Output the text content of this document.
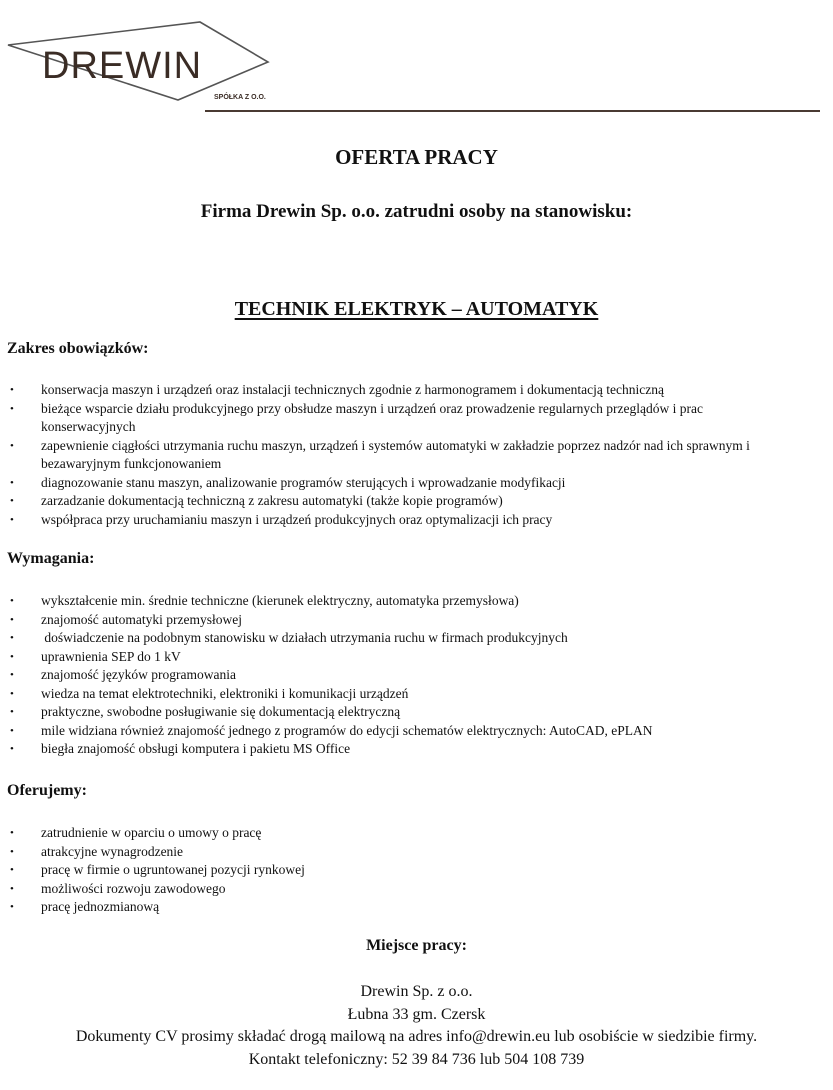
DREWIN
SPÓŁKA Z O.O.
OFERTA PRACY
Firma Drewin Sp. o.o. zatrudni osoby na stanowisku:
TECHNIK ELEKTRYK – AUTOMATYK
Zakres obowiązków:
• konserwacja maszyn i urządzeń oraz instalacji technicznych zgodnie z harmonogramem i dokumentacją techniczną
• bieżące wsparcie działu produkcyjnego przy obsłudze maszyn i urządzeń oraz prowadzenie regularnych przeglądów i prac konserwacyjnych
• zapewnienie ciągłości utrzymania ruchu maszyn, urządzeń i systemów automatyki w zakładzie poprzez nadzór nad ich sprawnym i bezawaryjnym funkcjonowaniem
• diagnozowanie stanu maszyn, analizowanie programów sterujących i wprowadzanie modyfikacji
• zarzadzanie dokumentacją techniczną z zakresu automatyki (także kopie programów)
• współpraca przy uruchamianiu maszyn i urządzeń produkcyjnych oraz optymalizacji ich pracy
Wymagania:
• wykształcenie min. średnie techniczne (kierunek elektryczny, automatyka przemysłowa)
• znajomość automatyki przemysłowej
• doświadczenie na podobnym stanowisku w działach utrzymania ruchu w firmach produkcyjnych
• uprawnienia SEP do 1 kV
• znajomość języków programowania
• wiedza na temat elektrotechniki, elektroniki i komunikacji urządzeń
• praktyczne, swobodne posługiwanie się dokumentacją elektryczną
• mile widziana również znajomość jednego z programów do edycji schematów elektrycznych: AutoCAD, ePLAN
• biegła znajomość obsługi komputera i pakietu MS Office
Oferujemy:
• zatrudnienie w oparciu o umowy o pracę
• atrakcyjne wynagrodzenie
• pracę w firmie o ugruntowanej pozycji rynkowej
• możliwości rozwoju zawodowego
• pracę jednozmianową
Miejsce pracy:
Drewin Sp. z o.o.
Łubna 33 gm. Czersk
Dokumenty CV prosimy składać drogą mailową na adres info@drewin.eu lub osobiście w siedzibie firmy.
Kontakt telefoniczny: 52 39 84 736 lub 504 108 739
